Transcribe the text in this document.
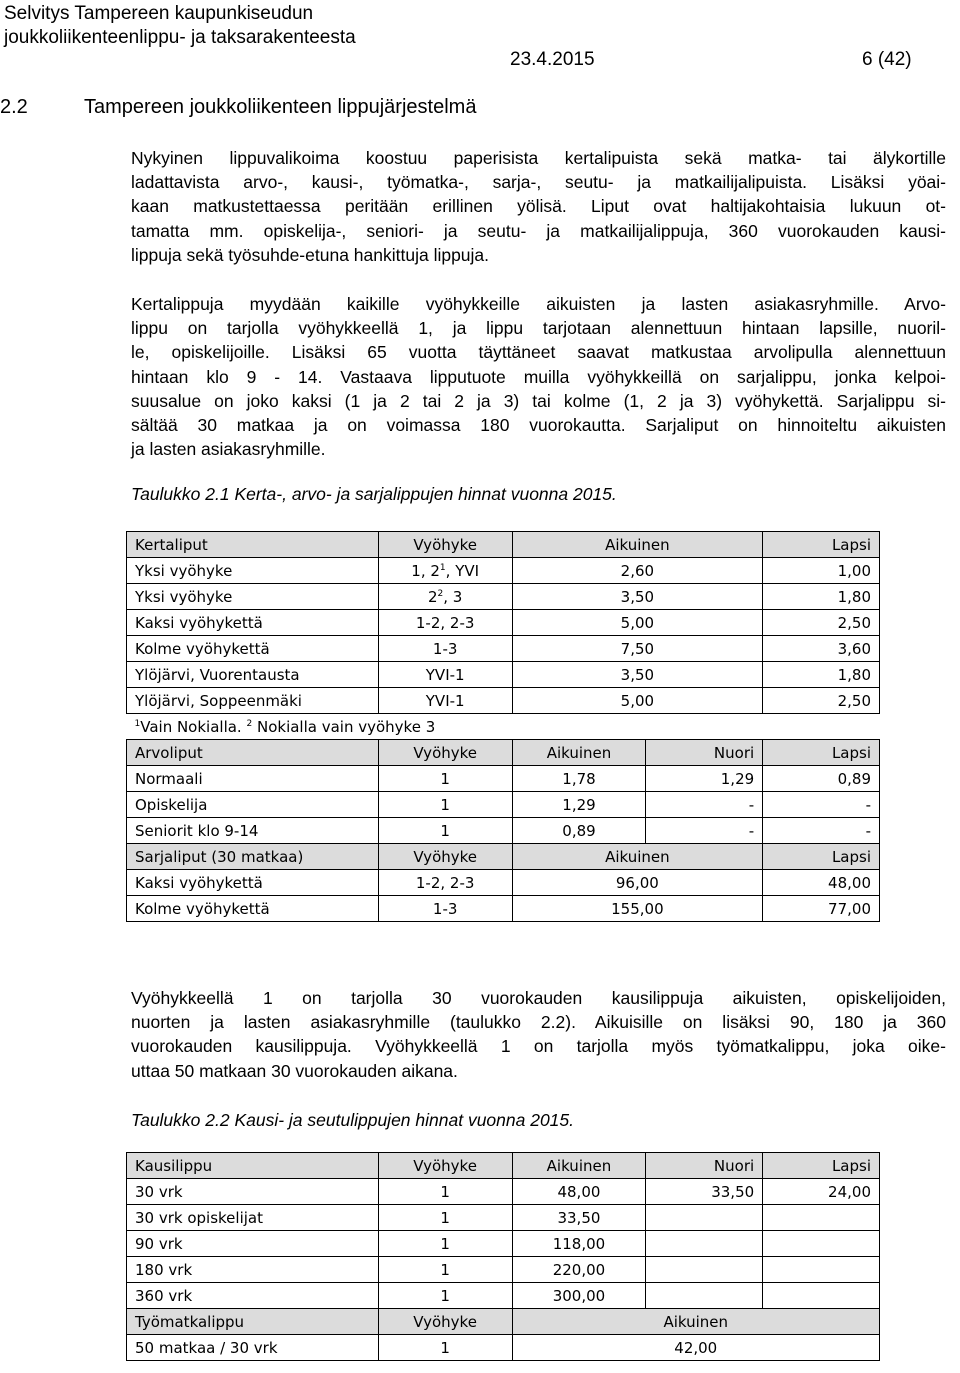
Selvitys Tampereen kaupunkiseudun
joukkoliikenteenlippu- ja taksarakenteesta
23.4.2015	6 (42)
2.2	Tampereen joukkoliikenteen lippujärjestelmä
Nykyinen lippuvalikoima koostuu paperisista kertalipuista sekä matka- tai älykortille
ladattavista arvo-, kausi-, työmatka-, sarja-, seutu- ja matkailijalipuista. Lisäksi yöai-
kaan matkustettaessa peritään erillinen yölisä. Liput ovat haltijakohtaisia lukuun ot-
tamatta mm. opiskelija-, seniori- ja seutu- ja matkailijalippuja, 360 vuorokauden kausi-
lippuja sekä työsuhde-etuna hankittuja lippuja.
Kertalippuja myydään kaikille vyöhykkeille aikuisten ja lasten asiakasryhmille. Arvo-
lippu on tarjolla vyöhykkeellä 1, ja lippu tarjotaan alennettuun hintaan lapsille, nuoril-
le, opiskelijoille. Lisäksi 65 vuotta täyttäneet saavat matkustaa arvolipulla alennettuun
hintaan klo 9 - 14. Vastaava lipputuote muilla vyöhykkeillä on sarjalippu, jonka kelpoi-
suusalue on joko kaksi (1 ja 2 tai 2 ja 3) tai kolme (1, 2 ja 3) vyöhykettä. Sarjalippu si-
sältää 30 matkaa ja on voimassa 180 vuorokautta. Sarjaliput on hinnoiteltu aikuisten
ja lasten asiakasryhmille.
Taulukko 2.1 Kerta-, arvo- ja sarjalippujen hinnat vuonna 2015.
Kertaliput	Vyöhyke	Aikuinen		Lapsi
Yksi vyöhyke	1, $2^1$, YVI	2,60		1,00
Yksi vyöhyke	$2^2$, 3	3,50		1,80
Kaksi vyöhykettä	1-2, 2-3	5,00		2,50
Kolme vyöhykettä	1-3	7,50		3,60
Ylöjärvi, Vuorentausta	YVI-1	3,50		1,80
Ylöjärvi, Soppeenmäki	YVI-1	5,00		2,50
$^1$Vain Nokialla. $^2$ Nokialla vain vyöhyke 3				
Arvoliput	Vyöhyke	Aikuinen	Nuori	Lapsi
Normaali	1	1,78	1,29	0,89
Opiskelija	1	1,29	-	-
Seniorit klo 9-14	1	0,89	-	-
Sarjaliput (30 matkaa)	Vyöhyke	Aikuinen		Lapsi
Kaksi vyöhykettä	1-2, 2-3	96,00		48,00
Kolme vyöhykettä	1-3	155,00		77,00
Vyöhykkeellä 1 on tarjolla 30 vuorokauden kausilippuja aikuisten, opiskelijoiden,
nuorten ja lasten asiakasryhmille (taulukko 2.2). Aikuisille on lisäksi 90, 180 ja 360
vuorokauden kausilippuja. Vyöhykkeellä 1 on tarjolla myös työmatkalippu, joka oike-
uttaa 50 matkaan 30 vuorokauden aikana.
Taulukko 2.2 Kausi- ja seutulippujen hinnat vuonna 2015.
Kausilippu	Vyöhyke	Aikuinen	Nuori	Lapsi
30 vrk	1	48,00	33,50	24,00
30 vrk opiskelijat	1	33,50		
90 vrk	1	118,00		
180 vrk	1	220,00		
360 vrk	1	300,00		
Työmatkalippu	Vyöhyke	Aikuinen		
50 matkaa / 30 vrk	1	42,00		
